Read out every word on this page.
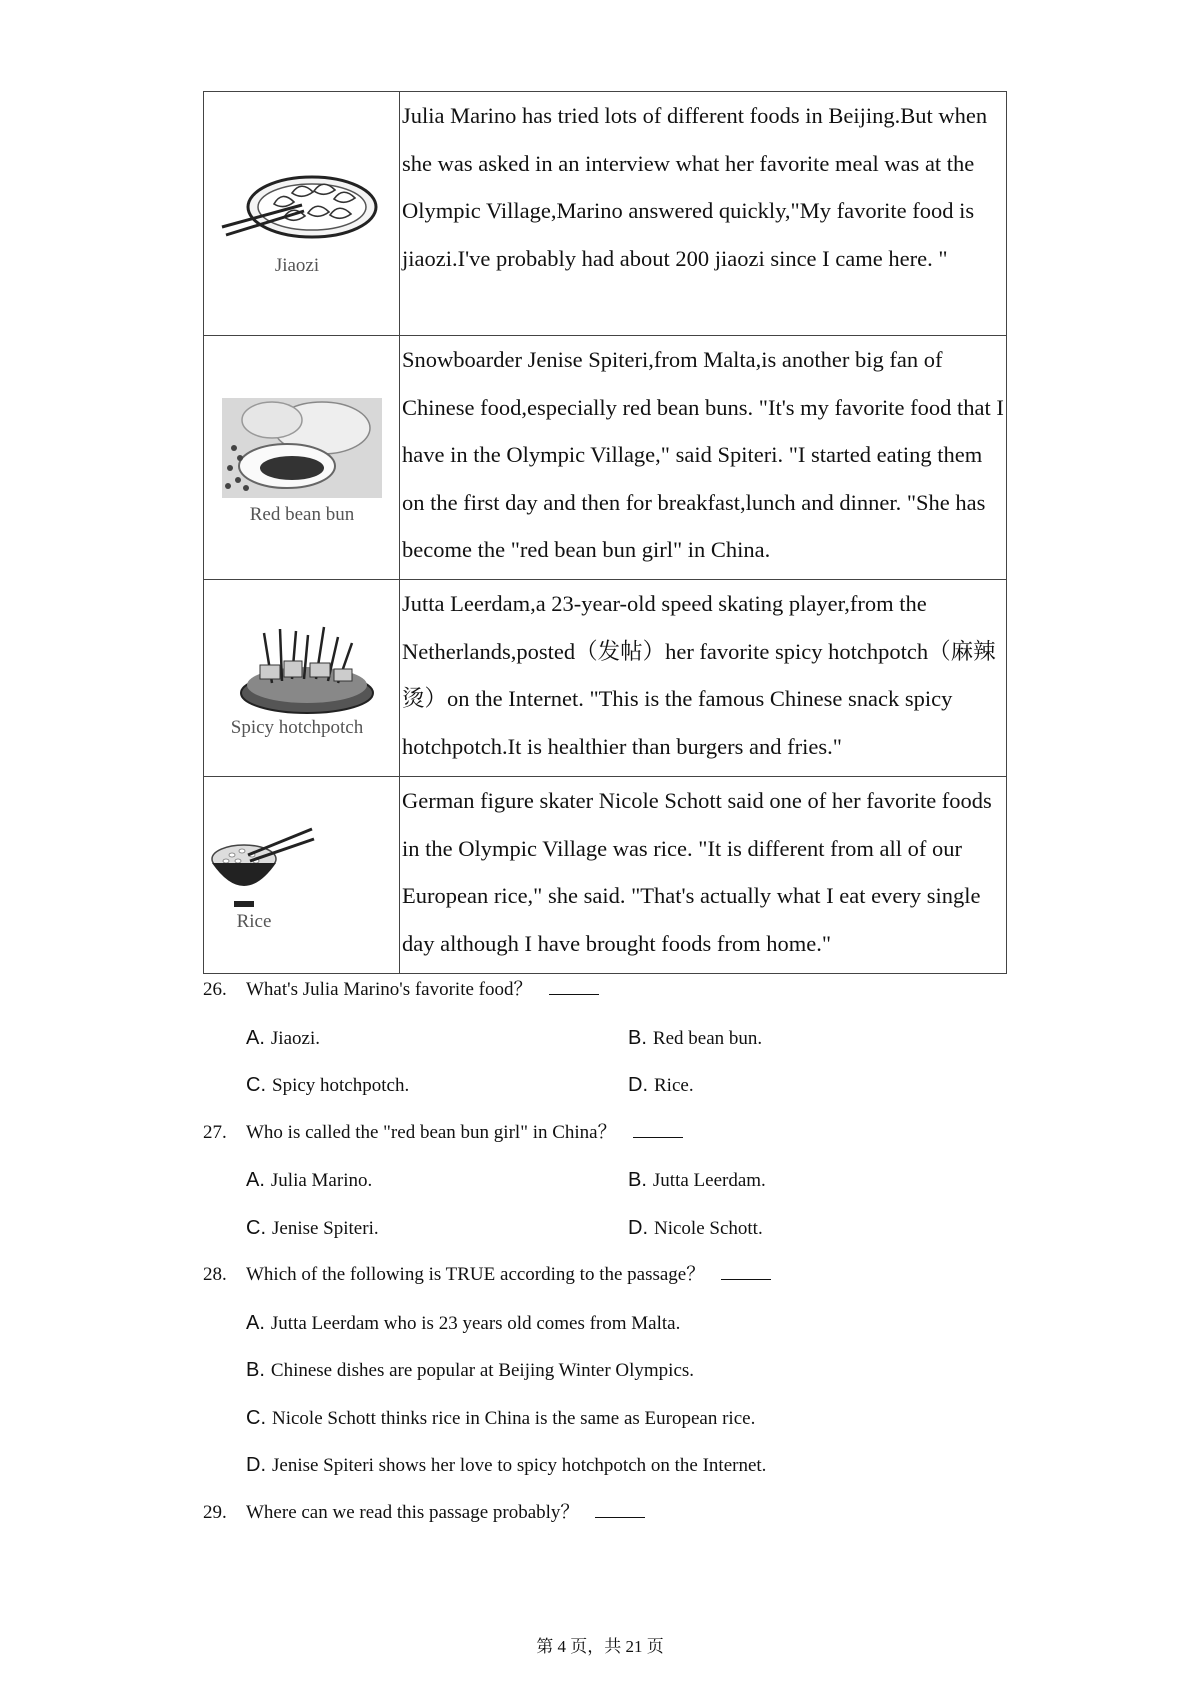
Jiaozi	Julia Marino has tried lots of different foods in Beijing.But when she was asked in an interview what her favorite meal was at the Olympic Village,Marino answered quickly,"My favorite food is jiaozi.I've probably had about 200 jiaozi since I came here. "

Red bean bun	Snowboarder Jenise Spiteri,from Malta,is another big fan of Chinese food,especially red bean buns. "It's my favorite food that I have in the Olympic Village," said Spiteri. "I started eating them on the first day and then for breakfast,lunch and dinner. "She has become the "red bean bun girl" in China.

Spicy hotchpotch	Jutta Leerdam,a 23-year-old speed skating player,from the Netherlands,posted（发帖）her favorite spicy hotchpotch（麻辣烫）on the Internet. "This is the famous Chinese snack spicy hotchpotch.It is healthier than burgers and fries."

Rice	German figure skater Nicole Schott said one of her favorite foods in the Olympic Village was rice. "It is different from all of our European rice," she said. "That's actually what I eat every single day although I have brought foods from home."
26.	What's Julia Marino's favorite food？
A. Jiaozi.	B. Red bean bun.
C. Spicy hotchpotch.	D. Rice.
27.	Who is called the "red bean bun girl" in China？
A. Julia Marino.	B. Jutta Leerdam.
C. Jenise Spiteri.	D. Nicole Schott.
28.	Which of the following is TRUE according to the passage？
A. Jutta Leerdam who is 23 years old comes from Malta.
B. Chinese dishes are popular at Beijing Winter Olympics.
C. Nicole Schott thinks rice in China is the same as European rice.
D. Jenise Spiteri shows her love to spicy hotchpotch on the Internet.
29.	Where can we read this passage probably？
第 4 页，共 21 页
